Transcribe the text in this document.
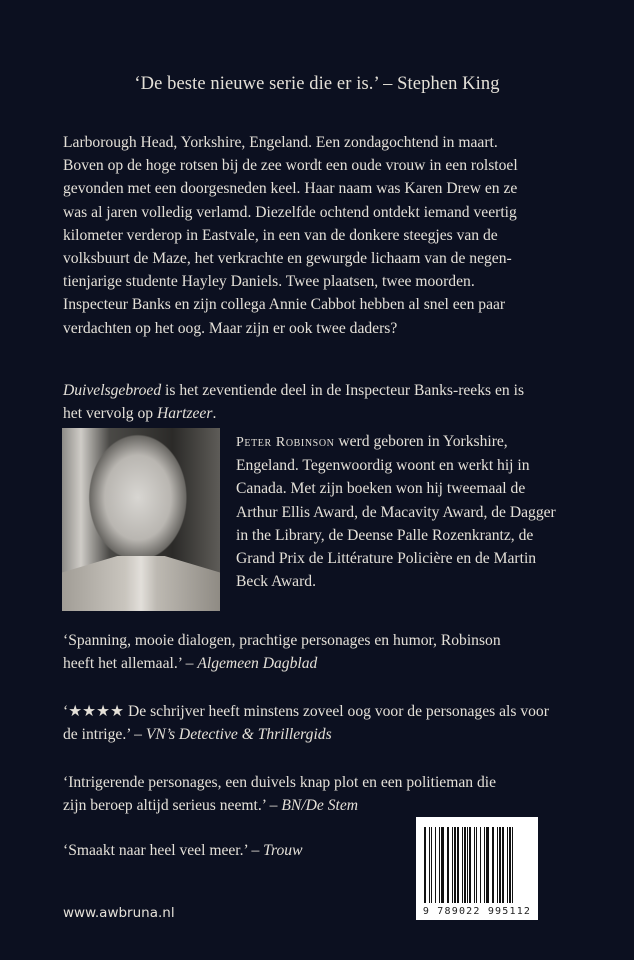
‘De beste nieuwe serie die er is.’ – Stephen King
Larborough Head, Yorkshire, Engeland. Een zondagochtend in maart.
Boven op de hoge rotsen bij de zee wordt een oude vrouw in een rolstoel
gevonden met een doorgesneden keel. Haar naam was Karen Drew en ze
was al jaren volledig verlamd. Diezelfde ochtend ontdekt iemand veertig
kilometer verderop in Eastvale, in een van de donkere steegjes van de
volksbuurt de Maze, het verkrachte en gewurgde lichaam van de negen-
tienjarige studente Hayley Daniels. Twee plaatsen, twee moorden.
Inspecteur Banks en zijn collega Annie Cabbot hebben al snel een paar
verdachten op het oog. Maar zijn er ook twee daders?
Duivelsgebroed is het zeventiende deel in de Inspecteur Banks-reeks en is
het vervolg op Hartzeer.
Peter Robinson werd geboren in Yorkshire,
Engeland. Tegenwoordig woont en werkt hij in
Canada. Met zijn boeken won hij tweemaal de
Arthur Ellis Award, de Macavity Award, de Dagger
in the Library, de Deense Palle Rozenkrantz, de
Grand Prix de Littérature Policière en de Martin
Beck Award.
‘Spanning, mooie dialogen, prachtige personages en humor, Robinson
heeft het allemaal.’ – Algemeen Dagblad
‘★★★★ De schrijver heeft minstens zoveel oog voor de personages als voor
de intrige.’ – VN’s Detective & Thrillergids
‘Intrigerende personages, een duivels knap plot en een politieman die
zijn beroep altijd serieus neemt.’ – BN/De Stem
‘Smaakt naar heel veel meer.’ – Trouw
9 789022 995112
www.awbruna.nl
